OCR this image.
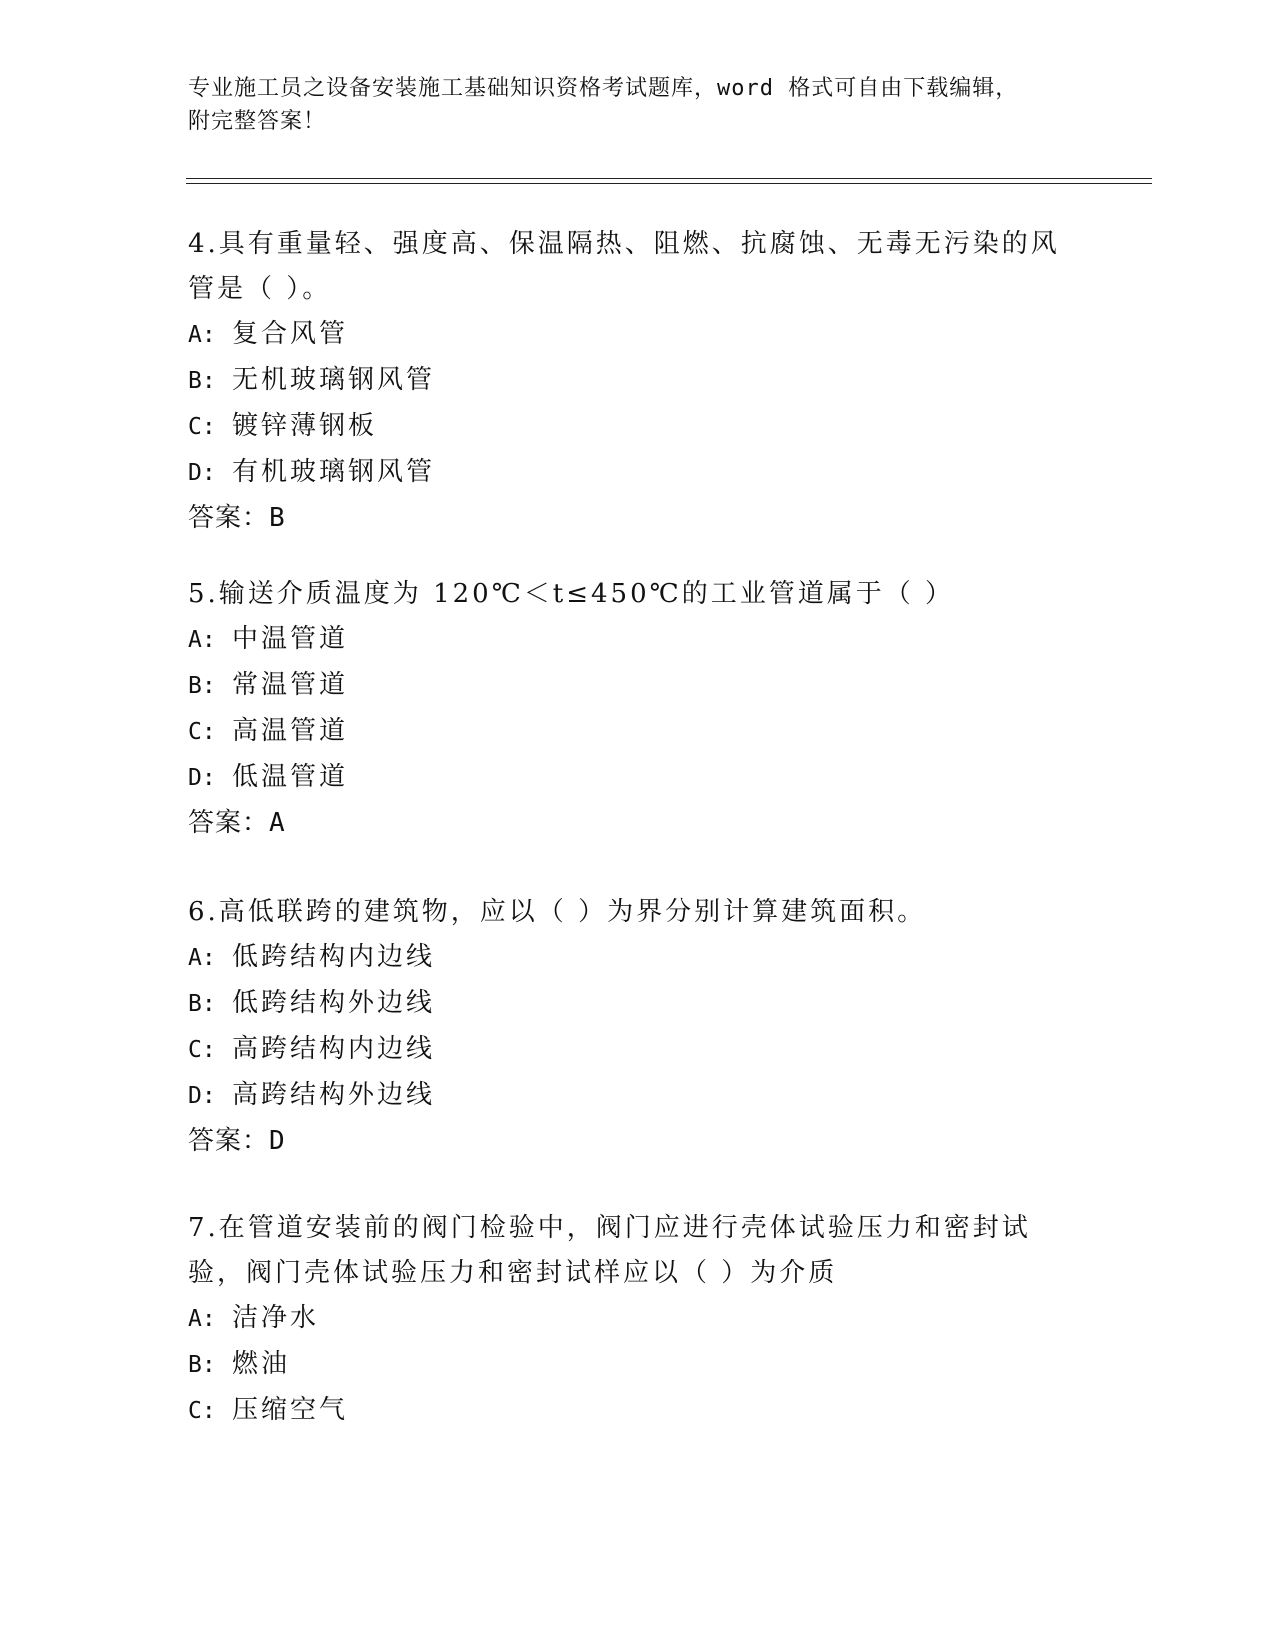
专业施工员之设备安装施工基础知识资格考试题库，word 格式可自由下载编辑，
附完整答案！

4.具有重量轻、强度高、保温隔热、阻燃、抗腐蚀、无毒无污染的风管是（ ）。

A: 复合风管

B: 无机玻璃钢风管

C: 镀锌薄钢板

D: 有机玻璃钢风管

答案：B

5.输送介质温度为 120℃＜t≤450℃的工业管道属于（ ）

A: 中温管道

B: 常温管道

C: 高温管道

D: 低温管道

答案：A

6.高低联跨的建筑物，应以（ ）为界分别计算建筑面积。

A: 低跨结构内边线

B: 低跨结构外边线

C: 高跨结构内边线

D: 高跨结构外边线

答案：D

7.在管道安装前的阀门检验中，阀门应进行壳体试验压力和密封试验，阀门壳体试验压力和密封试样应以（ ）为介质

A: 洁净水

B: 燃油

C: 压缩空气
